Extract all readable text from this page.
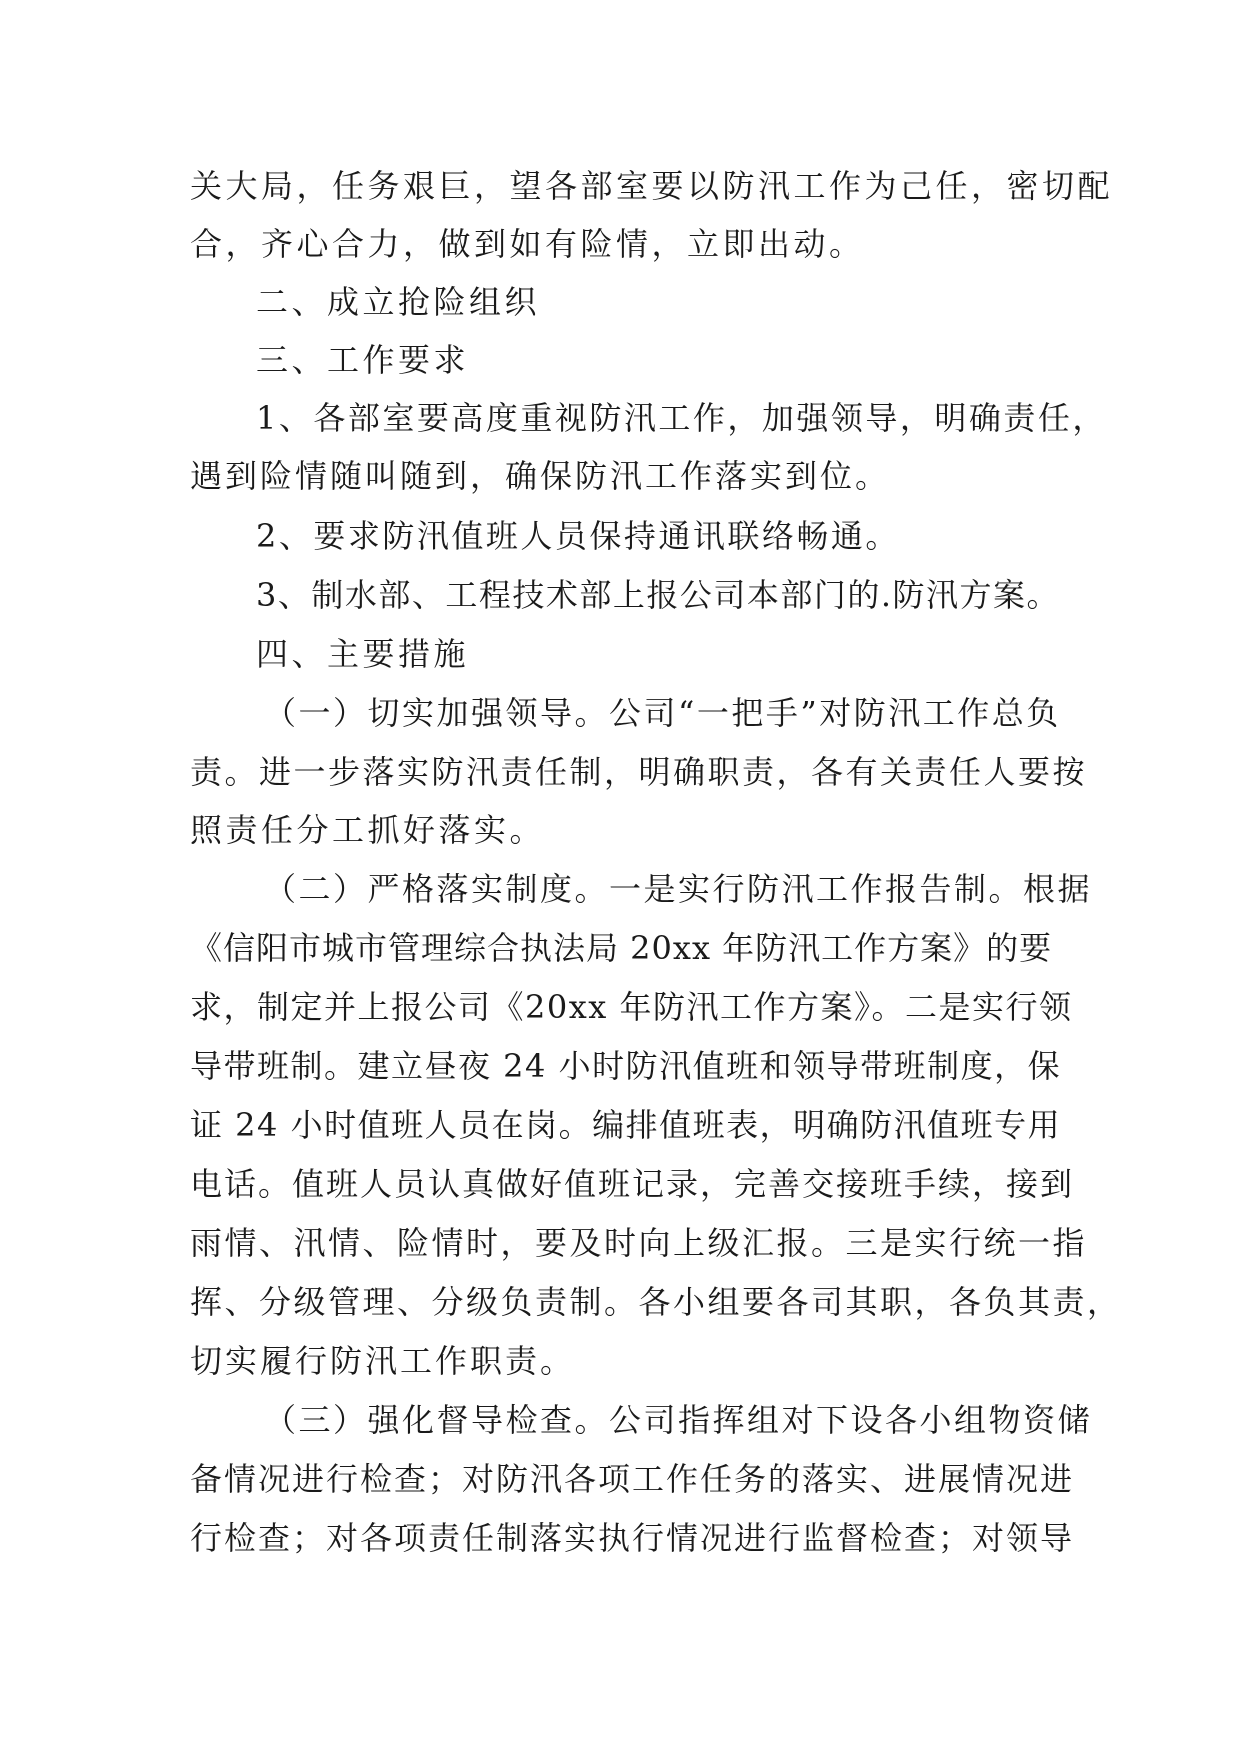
关大局，任务艰巨，望各部室要以防汛工作为己任，密切配
合，齐心合力，做到如有险情，立即出动。
二、成立抢险组织
三、工作要求
1、各部室要高度重视防汛工作，加强领导，明确责任，
遇到险情随叫随到，确保防汛工作落实到位。
2、要求防汛值班人员保持通讯联络畅通。
3、制水部、工程技术部上报公司本部门的.防汛方案。
四、主要措施
（一）切实加强领导。公司“一把手”对防汛工作总负
责。进一步落实防汛责任制，明确职责，各有关责任人要按
照责任分工抓好落实。
（二）严格落实制度。一是实行防汛工作报告制。根据
《信阳市城市管理综合执法局 20xx 年防汛工作方案》的要
求，制定并上报公司《20xx 年防汛工作方案》。二是实行领
导带班制。建立昼夜 24 小时防汛值班和领导带班制度，保
证 24 小时值班人员在岗。编排值班表，明确防汛值班专用
电话。值班人员认真做好值班记录，完善交接班手续，接到
雨情、汛情、险情时，要及时向上级汇报。三是实行统一指
挥、分级管理、分级负责制。各小组要各司其职，各负其责，
切实履行防汛工作职责。
（三）强化督导检查。公司指挥组对下设各小组物资储
备情况进行检查；对防汛各项工作任务的落实、进展情况进
行检查；对各项责任制落实执行情况进行监督检查；对领导
